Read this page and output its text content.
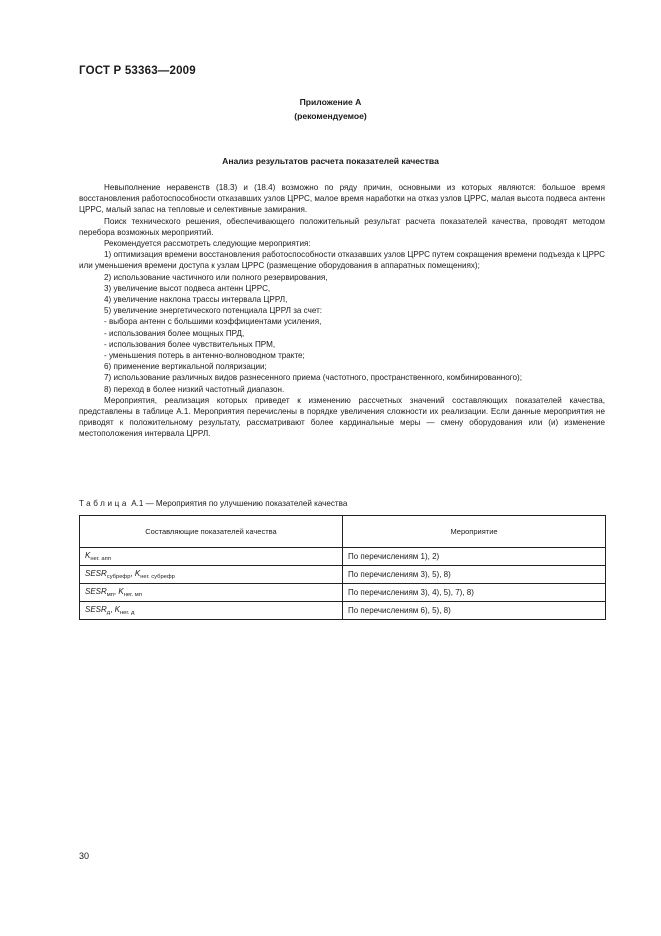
ГОСТ Р 53363—2009
Приложение А
(рекомендуемое)
Анализ результатов расчета показателей качества

Невыполнение неравенств (18.3) и (18.4) возможно по ряду причин, основными из которых являются: большое время восстановления работоспособности отказавших узлов ЦРРС, малое время наработки на отказ узлов ЦРРС, малая высота подвеса антенн ЦРРС, малый запас на тепловые и селективные замирания.

Поиск технического решения, обеспечивающего положительный результат расчета показателей качества, проводят методом перебора возможных мероприятий.

Рекомендуется рассмотреть следующие мероприятия:

1) оптимизация времени восстановления работоспособности отказавших узлов ЦРРС путем сокращения времени подъезда к ЦРРС или уменьшения времени доступа к узлам ЦРРС (размещение оборудования в аппаратных помещениях);

2) использование частичного или полного резервирования,

3) увеличение высот подвеса антенн ЦРРС,

4) увеличение наклона трассы интервала ЦРРЛ,

5) увеличение энергетического потенциала ЦРРЛ за счет:

- выбора антенн с большими коэффициентами усиления,

- использования более мощных ПРД,

- использования более чувствительных ПРМ,

- уменьшения потерь в антенно-волноводном тракте;

6) применение вертикальной поляризации;

7) использование различных видов разнесенного приема (частотного, пространственного, комбинированного);

8) переход в более низкий частотный диапазон.

Мероприятия, реализация которых приведет к изменению рассчетных значений составляющих показателей качества, представлены в таблице А.1. Мероприятия перечислены в порядке увеличения сложности их реализации. Если данные мероприятия не приводят к положительному результату, рассматривают более кардинальные меры — смену оборудования или (и) изменение местоположения интервала ЦРРЛ.

Таблица А.1 — Мероприятия по улучшению показателей качества
Составляющие показателей качества	Мероприятие
$K_{нег. апп}$	По перечислениям 1), 2)
$SESR_{субрефр}$, $K_{нег. субрефр}$	По перечислениям 3), 5), 8)
$SESR_{мп}$, $K_{нег. мп}$	По перечислениям 3), 4), 5), 7), 8)
$SESR_д$, $K_{нег. д}$	По перечислениям 6), 5), 8)
30
